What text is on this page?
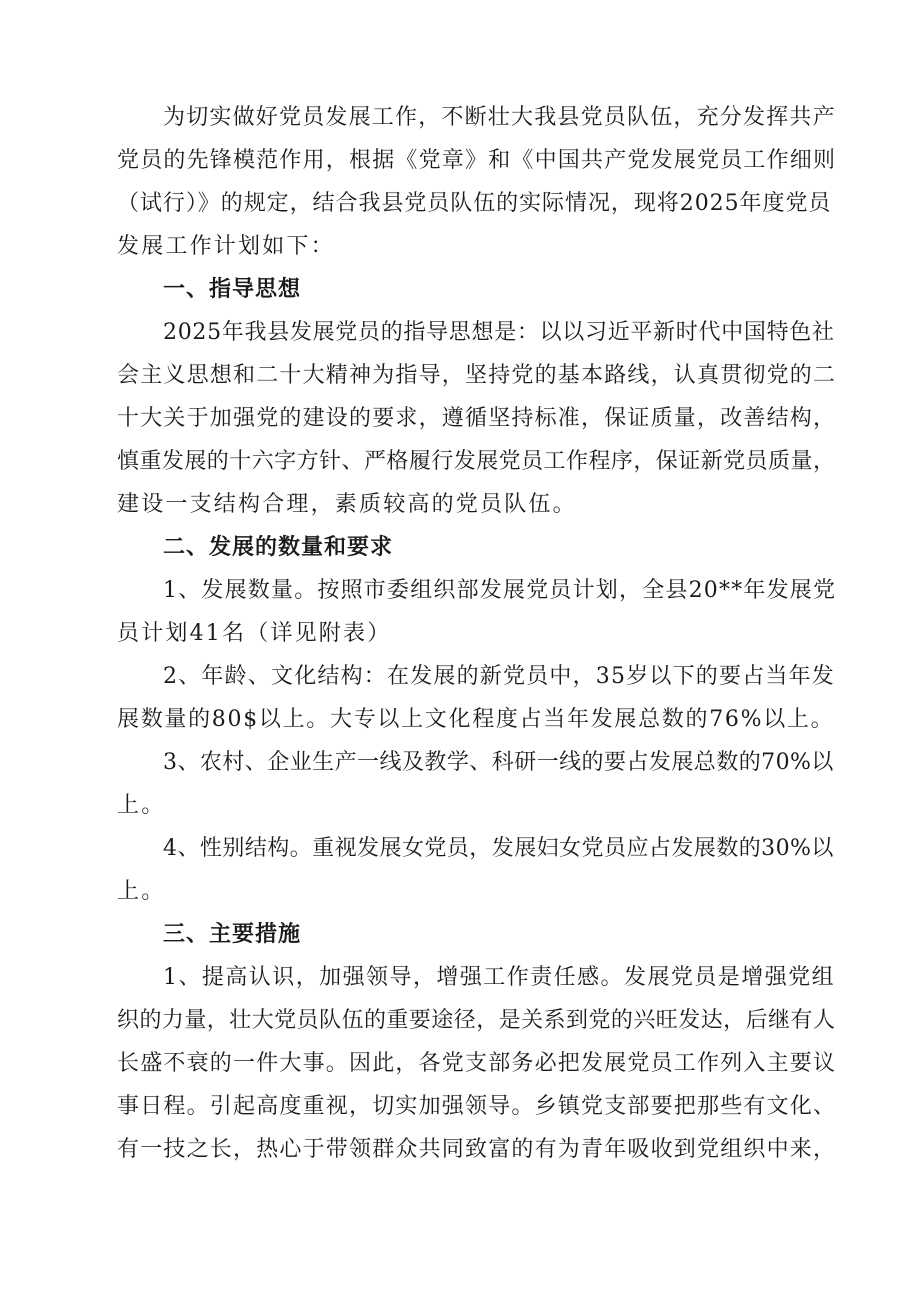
为切实做好党员发展工作，不断壮大我县党员队伍，充分发挥共产
党员的先锋模范作用，根据《党章》和《中国共产党发展党员工作细则
（试行）》的规定，结合我县党员队伍的实际情况，现将2025年度党员
发展工作计划如下：
一、指导思想
2025年我县发展党员的指导思想是：以以习近平新时代中国特色社
会主义思想和二十大精神为指导，坚持党的基本路线，认真贯彻党的二
十大关于加强党的建设的要求，遵循坚持标准，保证质量，改善结构，
慎重发展的十六字方针、严格履行发展党员工作程序，保证新党员质量，
建设一支结构合理，素质较高的党员队伍。
二、发展的数量和要求
1、发展数量。按照市委组织部发展党员计划，全县20**年发展党
员计划41名（详见附表）
2、年龄、文化结构：在发展的新党员中，35岁以下的要占当年发
展数量的80$以上。大专以上文化程度占当年发展总数的76%以上。
3、农村、企业生产一线及教学、科研一线的要占发展总数的70%以
上。
4、性别结构。重视发展女党员，发展妇女党员应占发展数的30%以
上。
三、主要措施
1、提高认识，加强领导，增强工作责任感。发展党员是增强党组
织的力量，壮大党员队伍的重要途径，是关系到党的兴旺发达，后继有人
长盛不衰的一件大事。因此，各党支部务必把发展党员工作列入主要议
事日程。引起高度重视，切实加强领导。乡镇党支部要把那些有文化、
有一技之长，热心于带领群众共同致富的有为青年吸收到党组织中来，
